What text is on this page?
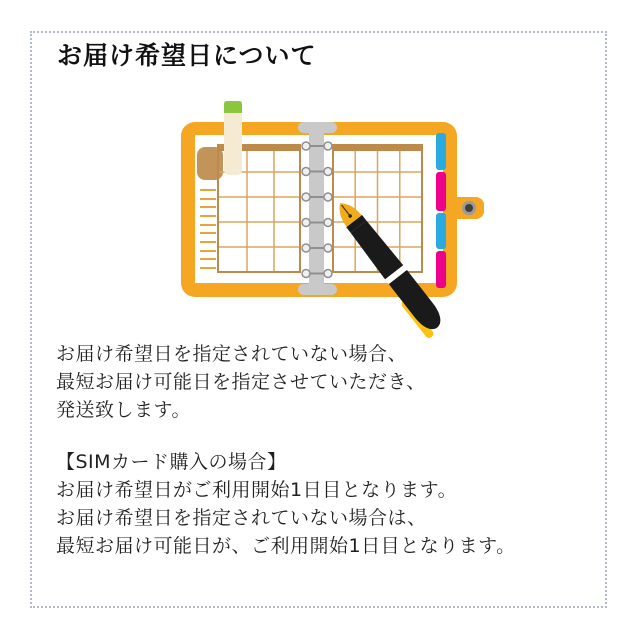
お届け希望日について
お届け希望日を指定されていない場合、
最短お届け可能日を指定させていただき、
発送致します。
【SIMカード購入の場合】
お届け希望日がご利用開始1日目となります。
お届け希望日を指定されていない場合は、
最短お届け可能日が、ご利用開始1日目となります。
